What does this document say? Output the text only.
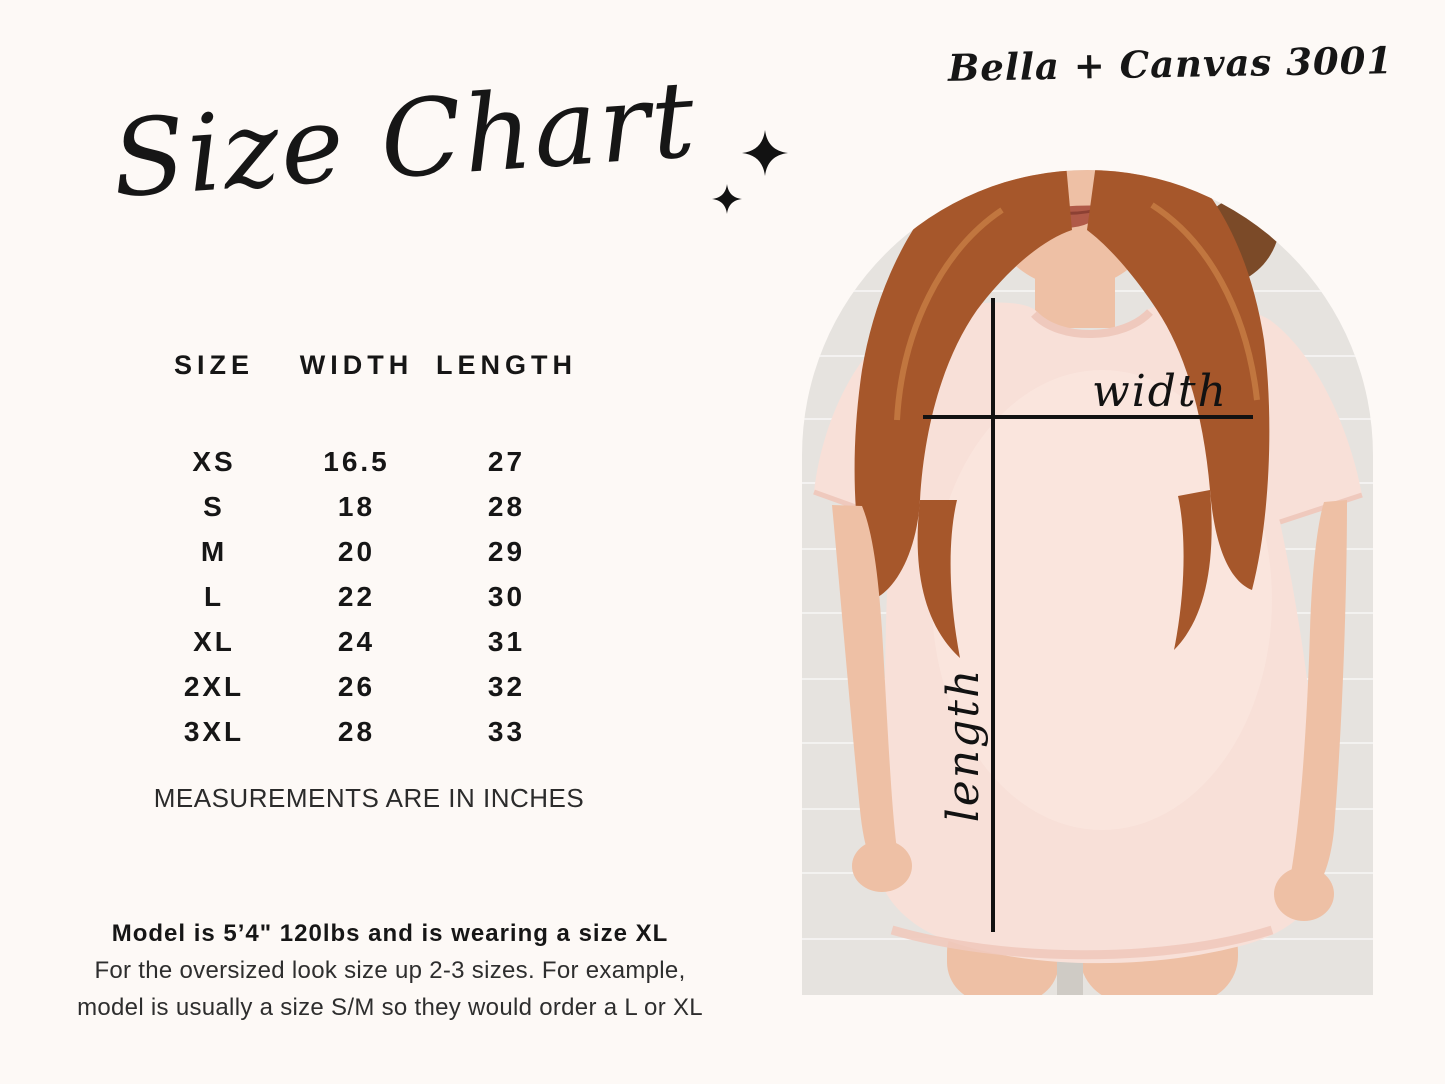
Bella + Canvas 3001
Size Chart
SIZE	WIDTH LENGTH
XS	16.5	27
S	18	28
M	20	29
L	22	30
XL	24	31
2XL	26	32
3XL	28	33
MEASUREMENTS ARE IN INCHES
Model is 5’4" 120lbs and is wearing a size XL
For the oversized look size up 2-3 sizes. For example,
model is usually a size S/M so they would order a L or XL
width
length
